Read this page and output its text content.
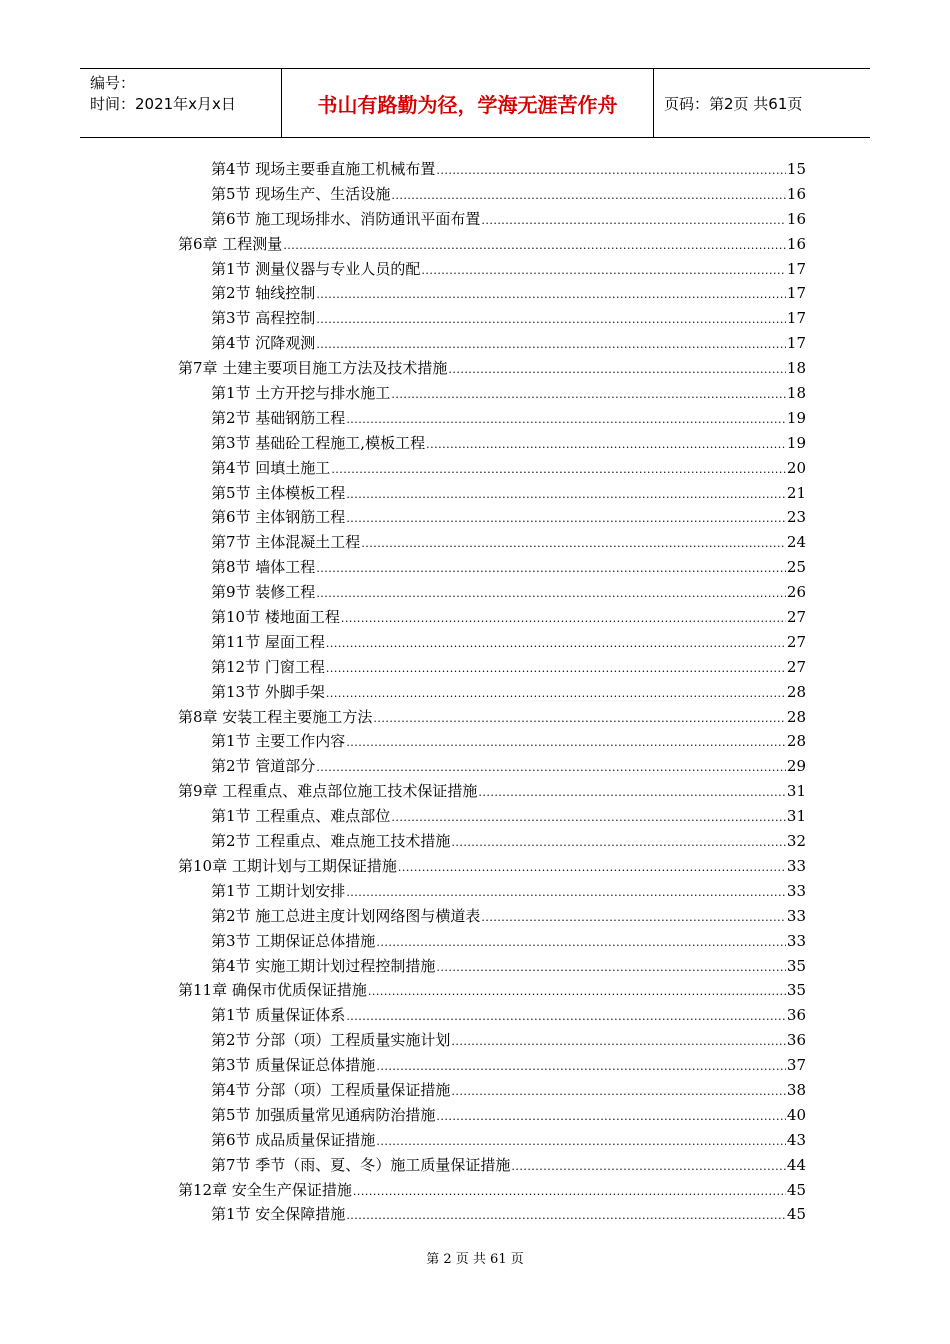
编号：
时间：2021年x月x日	书山有路勤为径，学海无涯苦作舟	页码：第2页 共61页
第4节 现场主要垂直施工机械布置 .....	15
第5节 现场生产、生活设施 .....	16
第6节 施工现场排水、消防通讯平面布置 .....	16
第6章 工程测量 .....	16
第1节 测量仪器与专业人员的配 .....	17
第2节 轴线控制 .....	17
第3节 高程控制 .....	17
第4节 沉降观测 .....	17
第7章 土建主要项目施工方法及技术措施 .....	18
第1节 土方开挖与排水施工 .....	18
第2节 基础钢筋工程 .....	19
第3节 基础砼工程施工,模板工程 .....	19
第4节 回填土施工 .....	20
第5节 主体模板工程 .....	21
第6节 主体钢筋工程 .....	23
第7节 主体混凝土工程 .....	24
第8节 墙体工程 .....	25
第9节 装修工程 .....	26
第10节 楼地面工程 .....	27
第11节 屋面工程 .....	27
第12节 门窗工程 .....	27
第13节 外脚手架 .....	28
第8章 安装工程主要施工方法 .....	28
第1节 主要工作内容 .....	28
第2节 管道部分 .....	29
第9章 工程重点、难点部位施工技术保证措施 .....	31
第1节 工程重点、难点部位 .....	31
第2节 工程重点、难点施工技术措施 .....	32
第10章 工期计划与工期保证措施 .....	33
第1节 工期计划安排 .....	33
第2节 施工总进主度计划网络图与横道表 .....	33
第3节 工期保证总体措施 .....	33
第4节 实施工期计划过程控制措施 .....	35
第11章 确保市优质保证措施 .....	35
第1节 质量保证体系 .....	36
第2节 分部（项）工程质量实施计划 .....	36
第3节 质量保证总体措施 .....	37
第4节 分部（项）工程质量保证措施 .....	38
第5节 加强质量常见通病防治措施 .....	40
第6节 成品质量保证措施 .....	43
第7节 季节（雨、夏、冬）施工质量保证措施 .....	44
第12章 安全生产保证措施 .....	45
第1节 安全保障措施 .....	45
第 2 页 共 61 页
